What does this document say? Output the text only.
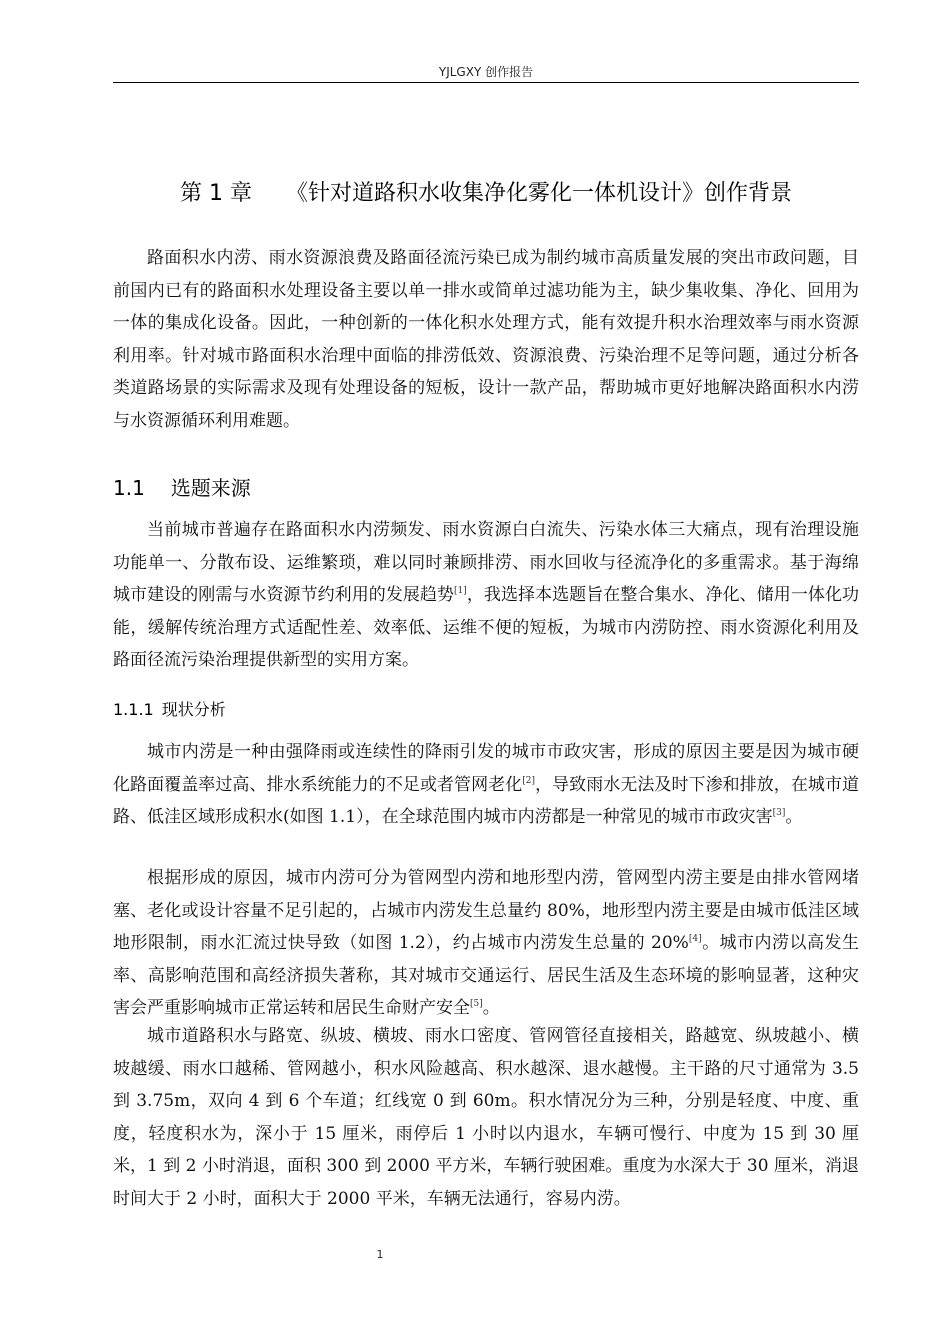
YJLGXY 创作报告
第 1 章 《针对道路积水收集净化雾化一体机设计》创作背景

路面积水内涝、雨水资源浪费及路面径流污染已成为制约城市高质量发展的突出市政问题，目前国内已有的路面积水处理设备主要以单一排水或简单过滤功能为主，缺少集收集、净化、回用为一体的集成化设备。因此，一种创新的一体化积水处理方式，能有效提升积水治理效率与雨水资源利用率。针对城市路面积水治理中面临的排涝低效、资源浪费、污染治理不足等问题，通过分析各类道路场景的实际需求及现有处理设备的短板，设计一款产品，帮助城市更好地解决路面积水内涝与水资源循环利用难题。

1.1 选题来源

当前城市普遍存在路面积水内涝频发、雨水资源白白流失、污染水体三大痛点，现有治理设施功能单一、分散布设、运维繁琐，难以同时兼顾排涝、雨水回收与径流净化的多重需求。基于海绵城市建设的刚需与水资源节约利用的发展趋势[1]，我选择本选题旨在整合集水、净化、储用一体化功能，缓解传统治理方式适配性差、效率低、运维不便的短板，为城市内涝防控、雨水资源化利用及路面径流污染治理提供新型的实用方案。

1.1.1 现状分析

城市内涝是一种由强降雨或连续性的降雨引发的城市市政灾害，形成的原因主要是因为城市硬化路面覆盖率过高、排水系统能力的不足或者管网老化[2]，导致雨水无法及时下渗和排放，在城市道路、低洼区域形成积水(如图 1.1），在全球范围内城市内涝都是一种常见的城市市政灾害[3]。

根据形成的原因，城市内涝可分为管网型内涝和地形型内涝，管网型内涝主要是由排水管网堵塞、老化或设计容量不足引起的，占城市内涝发生总量约 80%，地形型内涝主要是由城市低洼区域地形限制，雨水汇流过快导致（如图 1.2），约占城市内涝发生总量的 20%[4]。城市内涝以高发生率、高影响范围和高经济损失著称，其对城市交通运行、居民生活及生态环境的影响显著，这种灾害会严重影响城市正常运转和居民生命财产安全[5]。

城市道路积水与路宽、纵坡、横坡、雨水口密度、管网管径直接相关，路越宽、纵坡越小、横坡越缓、雨水口越稀、管网越小，积水风险越高、积水越深、退水越慢。主干路的尺寸通常为 3.5 到 3.75m，双向 4 到 6 个车道；红线宽 0 到 60m。积水情况分为三种，分别是轻度、中度、重度，轻度积水为，深小于 15 厘米，雨停后 1 小时以内退水，车辆可慢行、中度为 15 到 30 厘米，1 到 2 小时消退，面积 300 到 2000 平方米，车辆行驶困难。重度为水深大于 30 厘米，消退时间大于 2 小时，面积大于 2000 平米，车辆无法通行，容易内涝。

1
